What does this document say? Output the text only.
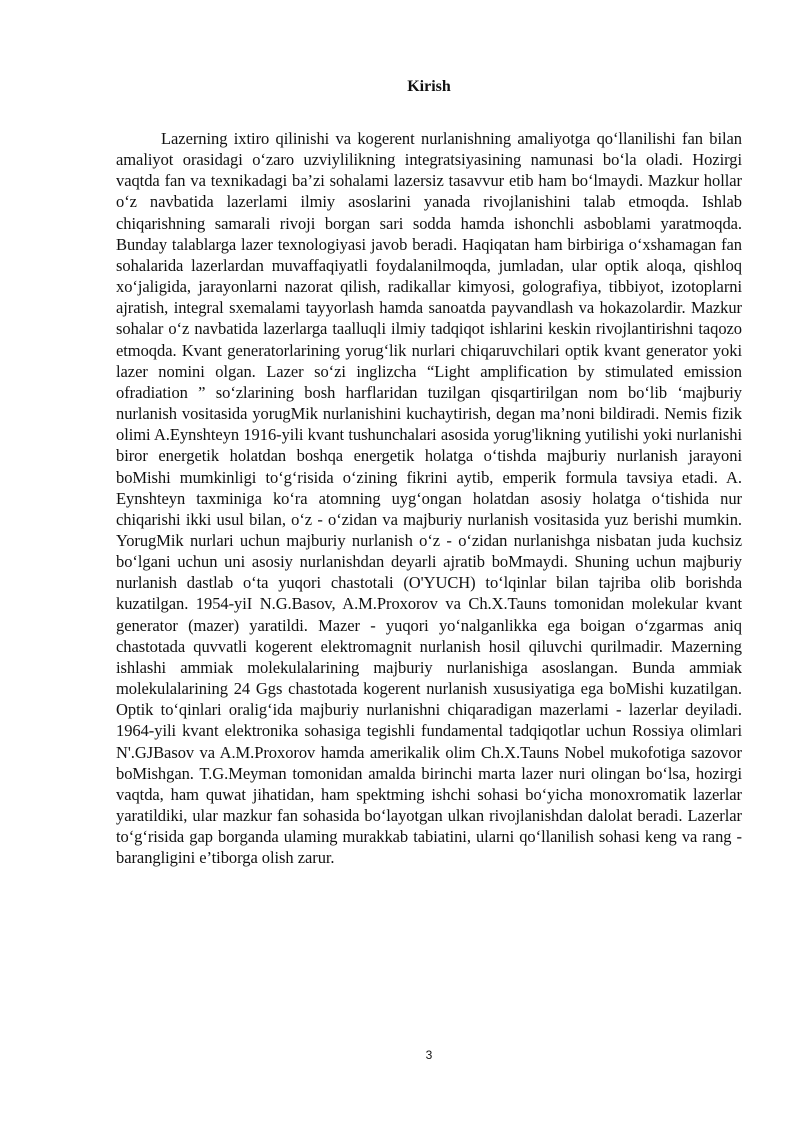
Kirish

Lazerning ixtiro qilinishi va kogerent nurlanishning amaliyotga qo‘llanilishi fan bilan amaliyot orasidagi o‘zaro uzviylilikning integratsiyasining namunasi bo‘la oladi. Hozirgi vaqtda fan va texnikadagi ba’zi sohalami lazersiz tasavvur etib ham bo‘lmaydi. Mazkur hollar o‘z navbatida lazerlami ilmiy asoslarini yanada rivojlanishini talab etmoqda. Ishlab chiqarishning samarali rivoji borgan sari sodda hamda ishonchli asboblami yaratmoqda. Bunday talablarga lazer texnologiyasi javob beradi. Haqiqatan ham birbiriga o‘xshamagan fan sohalarida lazerlardan muvaffaqiyatli foydalanilmoqda, jumladan, ular optik aloqa, qishloq xo‘jaligida, jarayonlarni nazorat qilish, radikallar kimyosi, golografiya, tibbiyot, izotoplarni ajratish, integral sxemalami tayyorlash hamda sanoatda payvandlash va hokazolardir. Mazkur sohalar o‘z navbatida lazerlarga taalluqli ilmiy tadqiqot ishlarini keskin rivojlantirishni taqozo etmoqda. Kvant generatorlarining yorug‘lik nurlari chiqaruvchilari optik kvant generator yoki lazer nomini olgan. Lazer so‘zi inglizcha “Light amplification by stimulated emission ofradiation ” so‘zlarining bosh harflaridan tuzilgan qisqartirilgan nom bo‘lib ‘majburiy nurlanish vositasida yorugMik nurlanishini kuchaytirish, degan ma’noni bildiradi. Nemis fizik olimi A.Eynshteyn 1916-yili kvant tushunchalari asosida yorug'likning yutilishi yoki nurlanishi biror energetik holatdan boshqa energetik holatga o‘tishda majburiy nurlanish jarayoni boMishi mumkinligi to‘g‘risida o‘zining fikrini aytib, emperik formula tavsiya etadi. A. Eynshteyn taxminiga ko‘ra atomning uyg‘ongan holatdan asosiy holatga o‘tishida nur chiqarishi ikki usul bilan, o‘z - o‘zidan va majburiy nurlanish vositasida yuz berishi mumkin. YorugMik nurlari uchun majburiy nurlanish o‘z - o‘zidan nurlanishga nisbatan juda kuchsiz bo‘lgani uchun uni asosiy nurlanishdan deyarli ajratib boMmaydi. Shuning uchun majburiy nurlanish dastlab o‘ta yuqori chastotali (O'YUCH) to‘lqinlar bilan tajriba olib borishda kuzatilgan. 1954-yiI N.G.Basov, A.M.Proxorov va Ch.X.Tauns tomonidan molekular kvant generator (mazer) yaratildi. Mazer - yuqori yo‘nalganlikka ega boigan o‘zgarmas aniq chastotada quvvatli kogerent elektromagnit nurlanish hosil qiluvchi qurilmadir. Mazerning ishlashi ammiak molekulalarining majburiy nurlanishiga asoslangan. Bunda ammiak molekulalarining 24 Ggs chastotada kogerent nurlanish xususiyatiga ega boMishi kuzatilgan. Optik to‘qinlari oralig‘ida majburiy nurlanishni chiqaradigan mazerlami - lazerlar deyiladi. 1964-yili kvant elektronika sohasiga tegishli fundamental tadqiqotlar uchun Rossiya olimlari N'.GJBasov va A.M.Proxorov hamda amerikalik olim Ch.X.Tauns Nobel mukofotiga sazovor boMishgan. T.G.Meyman tomonidan amalda birinchi marta lazer nuri olingan bo‘lsa, hozirgi vaqtda, ham quwat jihatidan, ham spektming ishchi sohasi bo‘yicha monoxromatik lazerlar yaratildiki, ular mazkur fan sohasida bo‘layotgan ulkan rivojlanishdan dalolat beradi. Lazerlar to‘g‘risida gap borganda ulaming murakkab tabiatini, ularni qo‘llanilish sohasi keng va rang - barangligini e’tiborga olish zarur.

3
